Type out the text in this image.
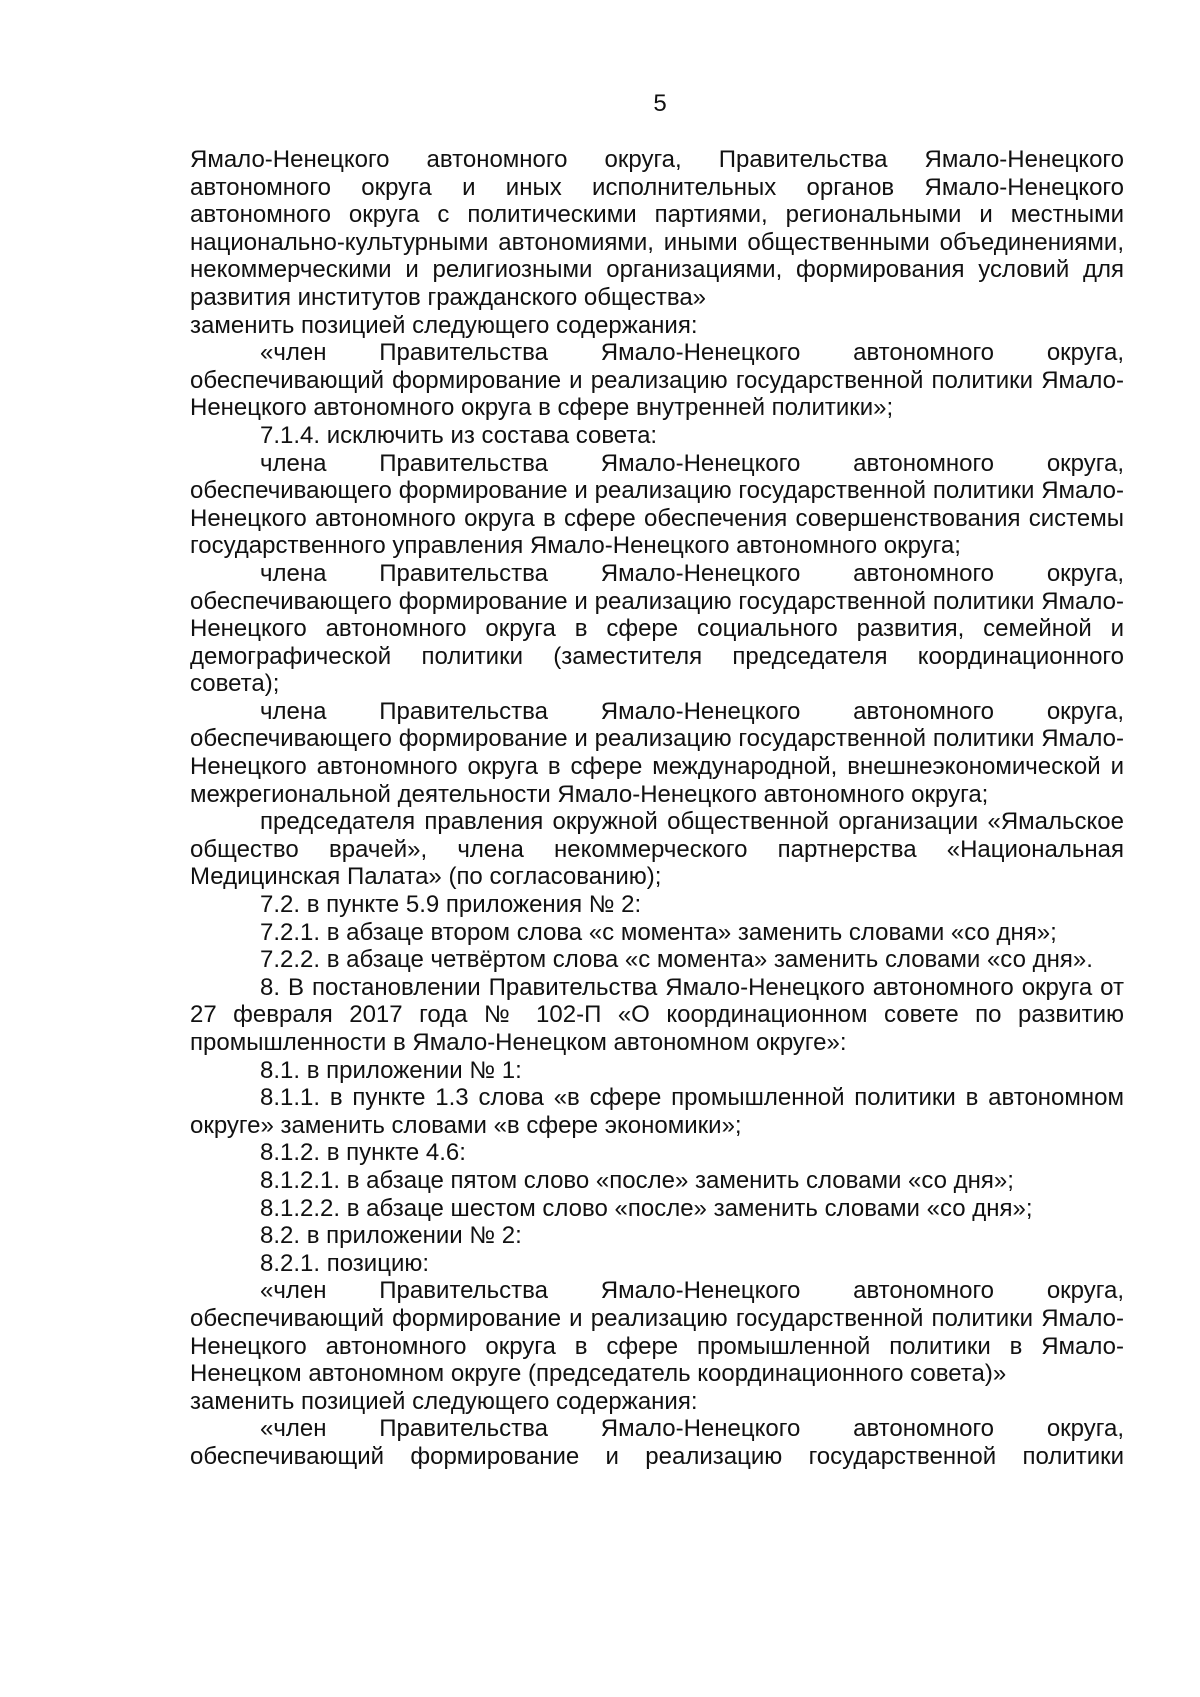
5

Ямало-Ненецкого автономного округа, Правительства Ямало-Ненецкого автономного округа и иных исполнительных органов Ямало-Ненецкого автономного округа с политическими партиями, региональными и местными национально-культурными автономиями, иными общественными объединениями, некоммерческими и религиозными организациями, формирования условий для развития институтов гражданского общества»

заменить позицией следующего содержания:

«член Правительства Ямало-Ненецкого автономного округа, обеспечивающий формирование и реализацию государственной политики Ямало-Ненецкого автономного округа в сфере внутренней политики»;

7.1.4. исключить из состава совета:

члена Правительства Ямало-Ненецкого автономного округа, обеспечивающего формирование и реализацию государственной политики Ямало-Ненецкого автономного округа в сфере обеспечения совершенствования системы государственного управления Ямало-Ненецкого автономного округа;

члена Правительства Ямало-Ненецкого автономного округа, обеспечивающего формирование и реализацию государственной политики Ямало-Ненецкого автономного округа в сфере социального развития, семейной и демографической политики (заместителя председателя координационного совета);

члена Правительства Ямало-Ненецкого автономного округа, обеспечивающего формирование и реализацию государственной политики Ямало-Ненецкого автономного округа в сфере международной, внешнеэкономической и межрегиональной деятельности Ямало-Ненецкого автономного округа;

председателя правления окружной общественной организации «Ямальское общество врачей», члена некоммерческого партнерства «Национальная Медицинская Палата» (по согласованию);

7.2. в пункте 5.9 приложения № 2:

7.2.1. в абзаце втором слова «с момента» заменить словами «со дня»;

7.2.2. в абзаце четвёртом слова «с момента» заменить словами «со дня».

8. В постановлении Правительства Ямало-Ненецкого автономного округа от 27 февраля 2017 года № 102-П «О координационном совете по развитию промышленности в Ямало-Ненецком автономном округе»:

8.1. в приложении № 1:

8.1.1. в пункте 1.3 слова «в сфере промышленной политики в автономном округе» заменить словами «в сфере экономики»;

8.1.2. в пункте 4.6:

8.1.2.1. в абзаце пятом слово «после» заменить словами «со дня»;

8.1.2.2. в абзаце шестом слово «после» заменить словами «со дня»;

8.2. в приложении № 2:

8.2.1. позицию:

«член Правительства Ямало-Ненецкого автономного округа, обеспечивающий формирование и реализацию государственной политики Ямало-Ненецкого автономного округа в сфере промышленной политики в Ямало-Ненецком автономном округе (председатель координационного совета)»

заменить позицией следующего содержания:

«член Правительства Ямало-Ненецкого автономного округа, обеспечивающий формирование и реализацию государственной политики
